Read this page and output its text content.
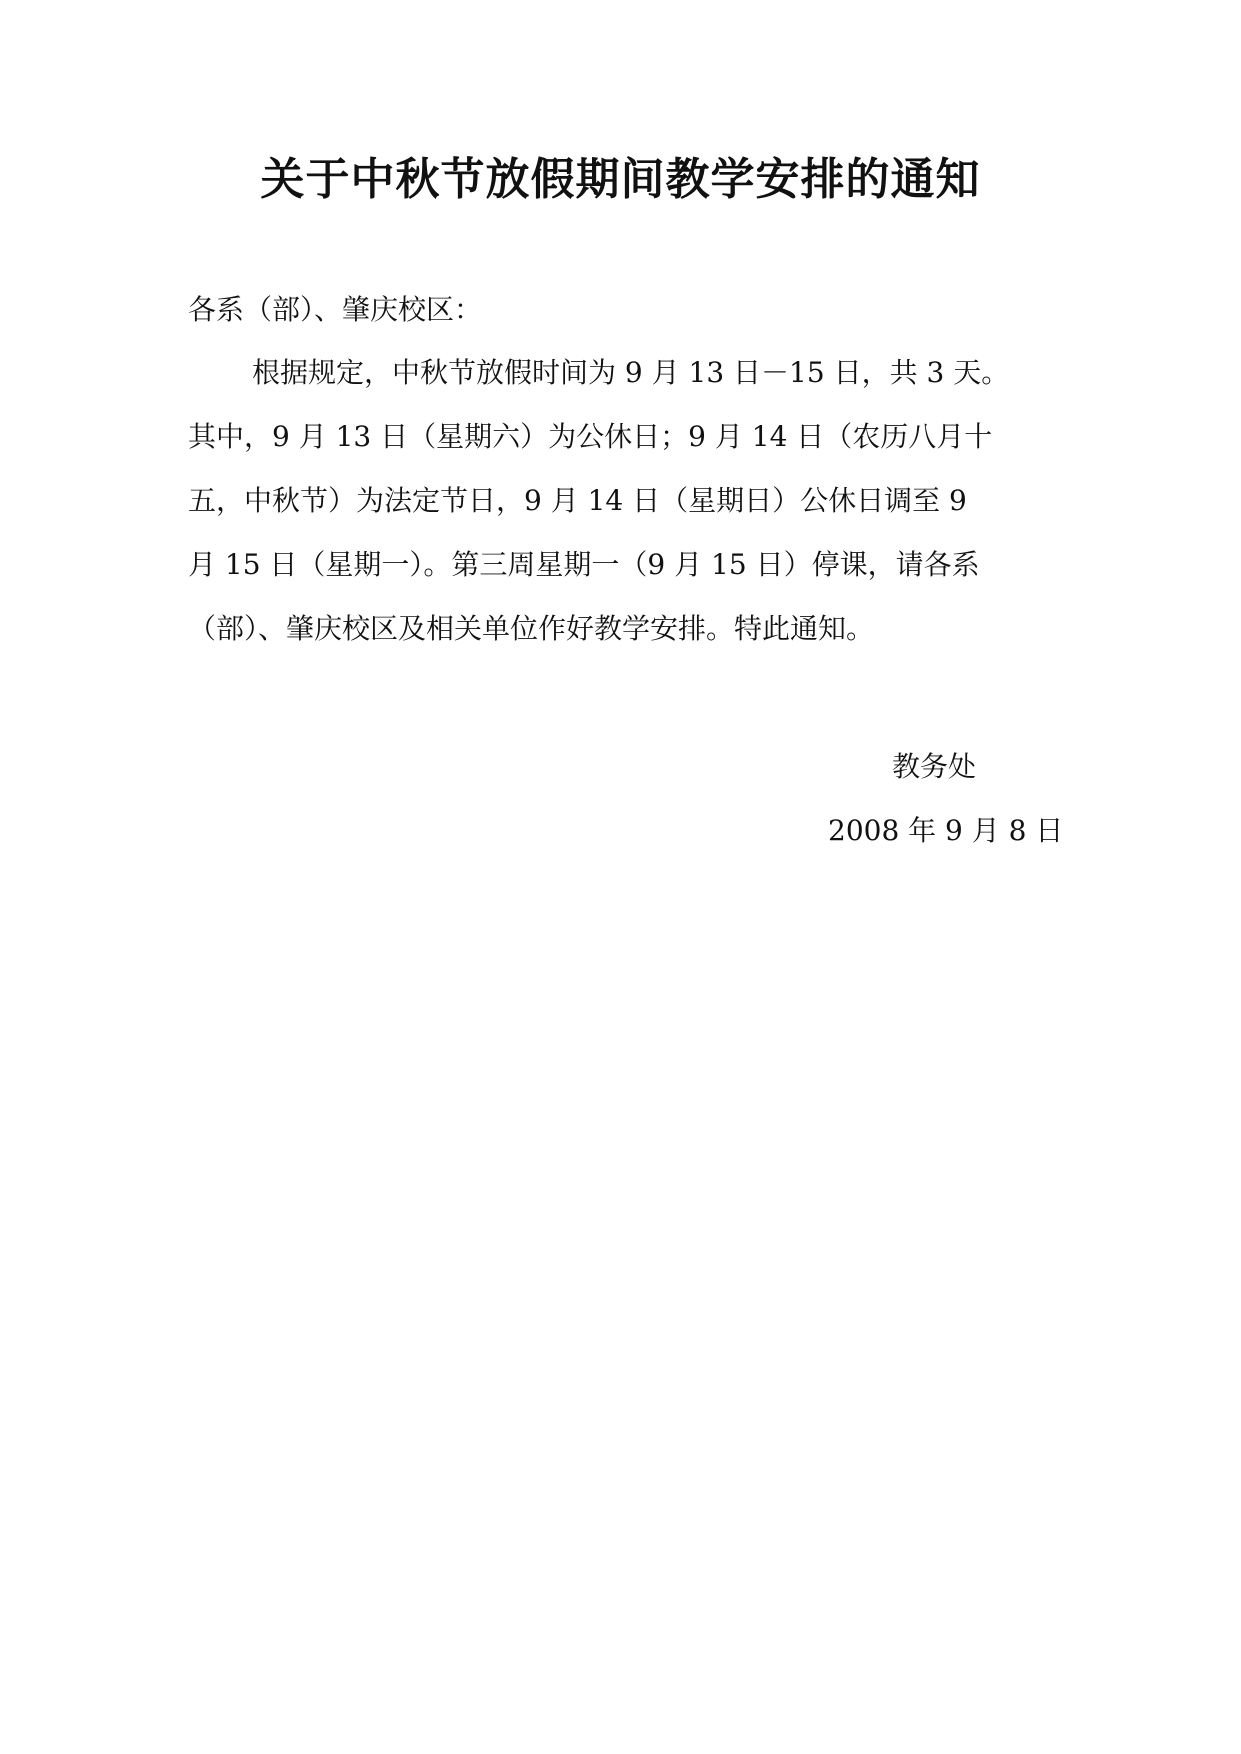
关于中秋节放假期间教学安排的通知

各系（部）、肇庆校区：

根据规定，中秋节放假时间为 9 月 13 日－15 日，共 3 天。

其中，9 月 13 日（星期六）为公休日；9 月 14 日（农历八月十

五，中秋节）为法定节日，9 月 14 日（星期日）公休日调至 9

月 15 日（星期一）。第三周星期一（9 月 15 日）停课，请各系

（部）、肇庆校区及相关单位作好教学安排。特此通知。

教务处

2008 年 9 月 8 日
